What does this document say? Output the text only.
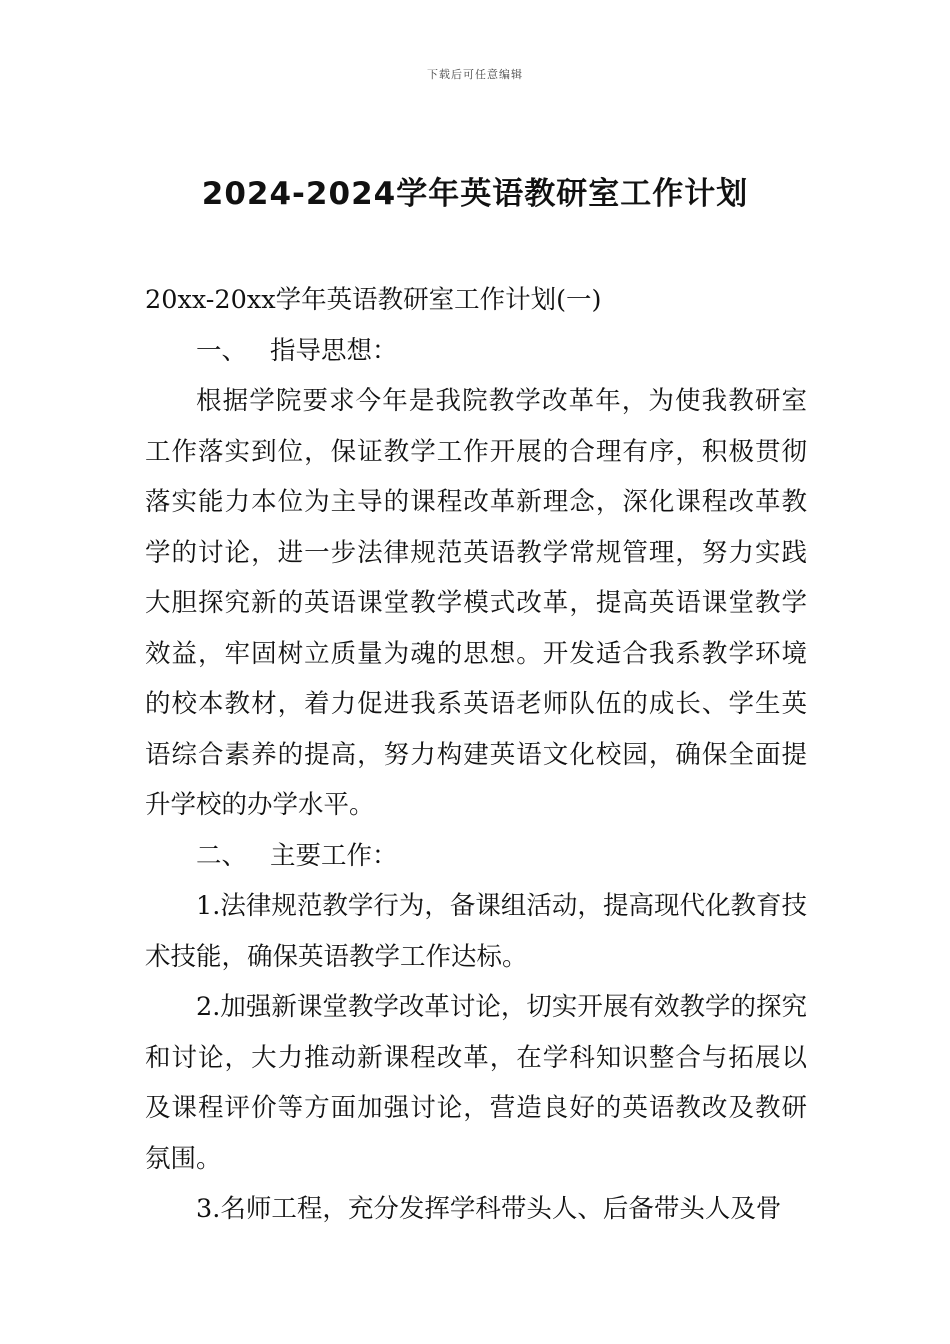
下载后可任意编辑
2024-2024学年英语教研室工作计划

20xx-20xx学年英语教研室工作计划(一)

一、 指导思想：

根据学院要求今年是我院教学改革年，为使我教研室工作落实到位，保证教学工作开展的合理有序，积极贯彻落实能力本位为主导的课程改革新理念，深化课程改革教学的讨论，进一步法律规范英语教学常规管理，努力实践大胆探究新的英语课堂教学模式改革，提高英语课堂教学效益，牢固树立质量为魂的思想。开发适合我系教学环境的校本教材，着力促进我系英语老师队伍的成长、学生英语综合素养的提高，努力构建英语文化校园，确保全面提升学校的办学水平。

二、 主要工作：

1.法律规范教学行为，备课组活动，提高现代化教育技术技能，确保英语教学工作达标。

2.加强新课堂教学改革讨论，切实开展有效教学的探究和讨论，大力推动新课程改革，在学科知识整合与拓展以及课程评价等方面加强讨论，营造良好的英语教改及教研氛围。

3.名师工程，充分发挥学科带头人、后备带头人及骨
